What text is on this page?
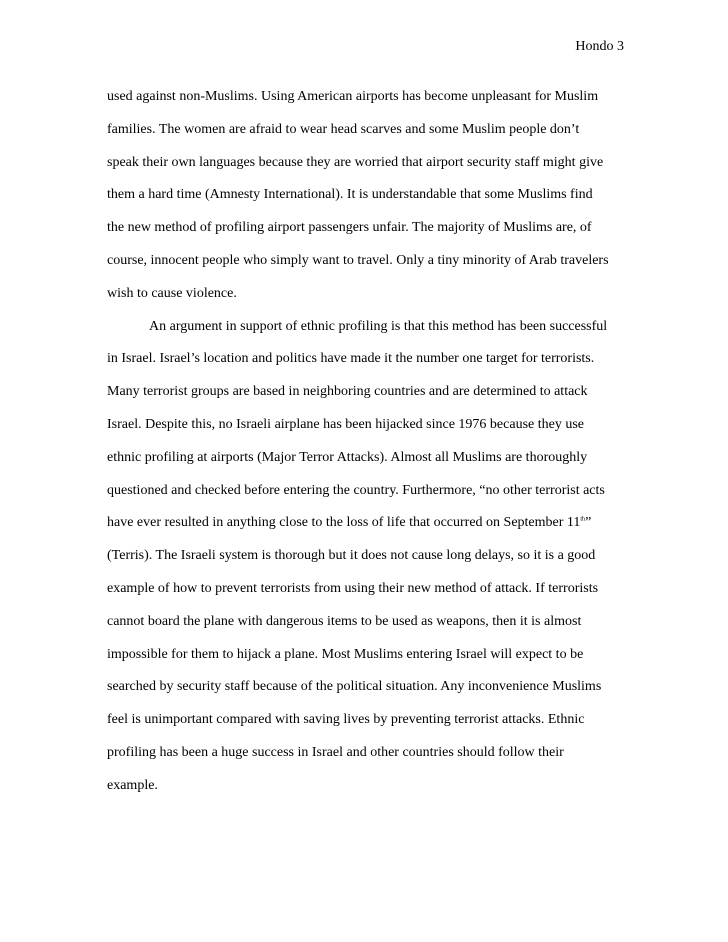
Hondo 3
used against non-Muslims. Using American airports has become unpleasant for Muslim
families. The women are afraid to wear head scarves and some Muslim people don’t
speak their own languages because they are worried that airport security staff might give
them a hard time (Amnesty International). It is understandable that some Muslims find
the new method of profiling airport passengers unfair. The majority of Muslims are, of
course, innocent people who simply want to travel. Only a tiny minority of Arab travelers
wish to cause violence.
An argument in support of ethnic profiling is that this method has been successful
in Israel. Israel’s location and politics have made it the number one target for terrorists.
Many terrorist groups are based in neighboring countries and are determined to attack
Israel. Despite this, no Israeli airplane has been hijacked since 1976 because they use
ethnic profiling at airports (Major Terror Attacks). Almost all Muslims are thoroughly
questioned and checked before entering the country. Furthermore, “no other terrorist acts
have ever resulted in anything close to the loss of life that occurred on September 11th”
(Terris). The Israeli system is thorough but it does not cause long delays, so it is a good
example of how to prevent terrorists from using their new method of attack. If terrorists
cannot board the plane with dangerous items to be used as weapons, then it is almost
impossible for them to hijack a plane. Most Muslims entering Israel will expect to be
searched by security staff because of the political situation. Any inconvenience Muslims
feel is unimportant compared with saving lives by preventing terrorist attacks. Ethnic
profiling has been a huge success in Israel and other countries should follow their
example.
